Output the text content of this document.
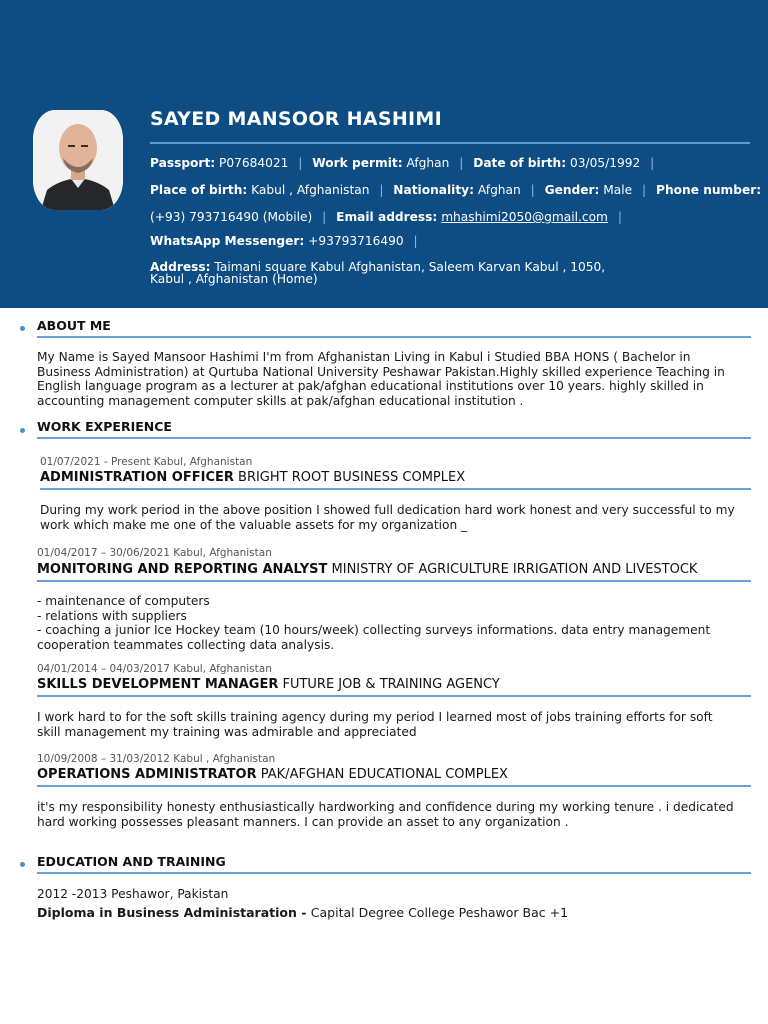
SAYED MANSOOR HASHIMI
Passport: P07684021 | Work permit: Afghan | Date of birth: 03/05/1992 |
Place of birth: Kabul , Afghanistan | Nationality: Afghan | Gender: Male | Phone number:
(+93) 793716490 (Mobile) | Email address: mhashimi2050@gmail.com |
WhatsApp Messenger: +93793716490 |
Address: Taimani square Kabul Afghanistan, Saleem Karvan Kabul , 1050, Kabul , Afghanistan (Home)
ABOUT ME

My Name is Sayed Mansoor Hashimi I'm from Afghanistan Living in Kabul i Studied BBA HONS ( Bachelor in Business Administration) at Qurtuba National University Peshawar Pakistan.Highly skilled experience Teaching in English language program as a lecturer at pak/afghan educational institutions over 10 years. highly skilled in accounting management computer skills at pak/afghan educational institution .

WORK EXPERIENCE

01/07/2021 - Present Kabul, Afghanistan

ADMINISTRATION OFFICER BRIGHT ROOT BUSINESS COMPLEX

During my work period in the above position I showed full dedication hard work honest and very successful to my work which make me one of the valuable assets for my organization _

01/04/2017 – 30/06/2021 Kabul, Afghanistan

MONITORING AND REPORTING ANALYST MINISTRY OF AGRICULTURE IRRIGATION AND LIVESTOCK

- maintenance of computers
- relations with suppliers
- coaching a junior Ice Hockey team (10 hours/week) collecting surveys informations. data entry management cooperation teammates collecting data analysis.

04/01/2014 – 04/03/2017 Kabul, Afghanistan

SKILLS DEVELOPMENT MANAGER FUTURE JOB & TRAINING AGENCY

I work hard to for the soft skills training agency during my period I learned most of jobs training efforts for soft skill management my training was admirable and appreciated

10/09/2008 – 31/03/2012 Kabul , Afghanistan

OPERATIONS ADMINISTRATOR PAK/AFGHAN EDUCATIONAL COMPLEX

it's my responsibility honesty enthusiastically hardworking and confidence during my working tenure . i dedicated hard working possesses pleasant manners. I can provide an asset to any organization .

EDUCATION AND TRAINING

2012 -2013 Peshawor, Pakistan

Diploma in Business Administaration - Capital Degree College Peshawor Bac +1
